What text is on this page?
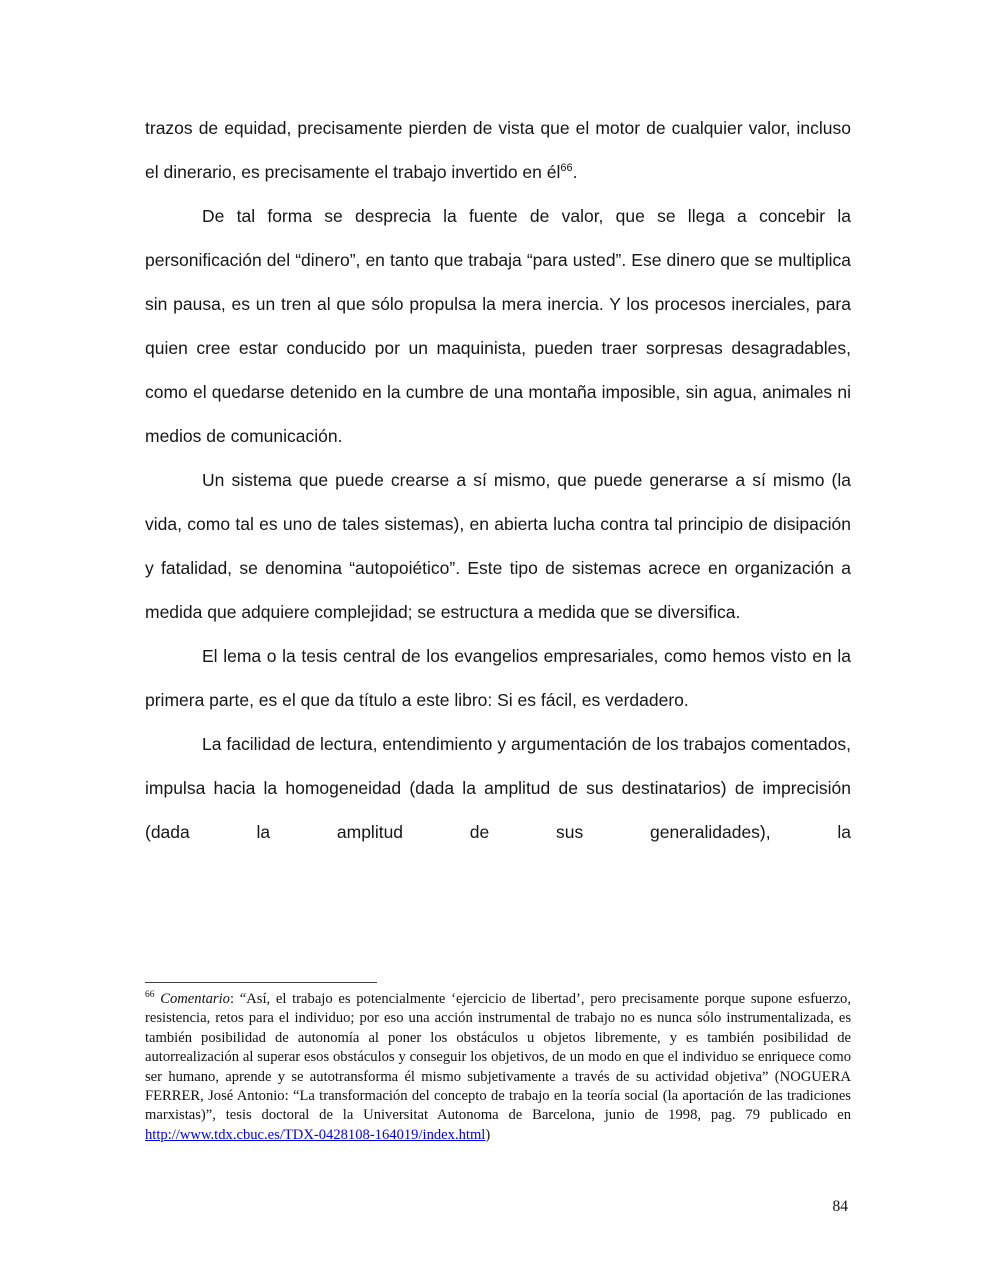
trazos de equidad, precisamente pierden de vista que el motor de cualquier valor, incluso el dinerario, es precisamente el trabajo invertido en $él^{66}$.

De tal forma se desprecia la fuente de valor, que se llega a concebir la personificación del “dinero”, en tanto que trabaja “para usted”. Ese dinero que se multiplica sin pausa, es un tren al que sólo propulsa la mera inercia. Y los procesos inerciales, para quien cree estar conducido por un maquinista, pueden traer sorpresas desagradables, como el quedarse detenido en la cumbre de una montaña imposible, sin agua, animales ni medios de comunicación.

Un sistema que puede crearse a sí mismo, que puede generarse a sí mismo (la vida, como tal es uno de tales sistemas), en abierta lucha contra tal principio de disipación y fatalidad, se denomina “autopoiético”. Este tipo de sistemas acrece en organización a medida que adquiere complejidad; se estructura a medida que se diversifica.

El lema o la tesis central de los evangelios empresariales, como hemos visto en la primera parte, es el que da título a este libro: Si es fácil, es verdadero.

La facilidad de lectura, entendimiento y argumentación de los trabajos comentados, impulsa hacia la homogeneidad (dada la amplitud de sus destinatarios) de imprecisión (dada la amplitud de sus generalidades), la

$^{66}$ Comentario: “Así, el trabajo es potencialmente ‘ejercicio de libertad’, pero precisamente porque supone esfuerzo, resistencia, retos para el individuo; por eso una acción instrumental de trabajo no es nunca sólo instrumentalizada, es también posibilidad de autonomía al poner los obstáculos u objetos libremente, y es también posibilidad de autorrealización al superar esos obstáculos y conseguir los objetivos, de un modo en que el individuo se enriquece como ser humano, aprende y se autotransforma él mismo subjetivamente a través de su actividad objetiva” (NOGUERA FERRER, José Antonio: “La transformación del concepto de trabajo en la teoría social (la aportación de las tradiciones marxistas)”, tesis doctoral de la Universitat Autonoma de Barcelona, junio de 1998, pag. 79 publicado en http://www.tdx.cbuc.es/TDX-0428108-164019/index.html)

84
